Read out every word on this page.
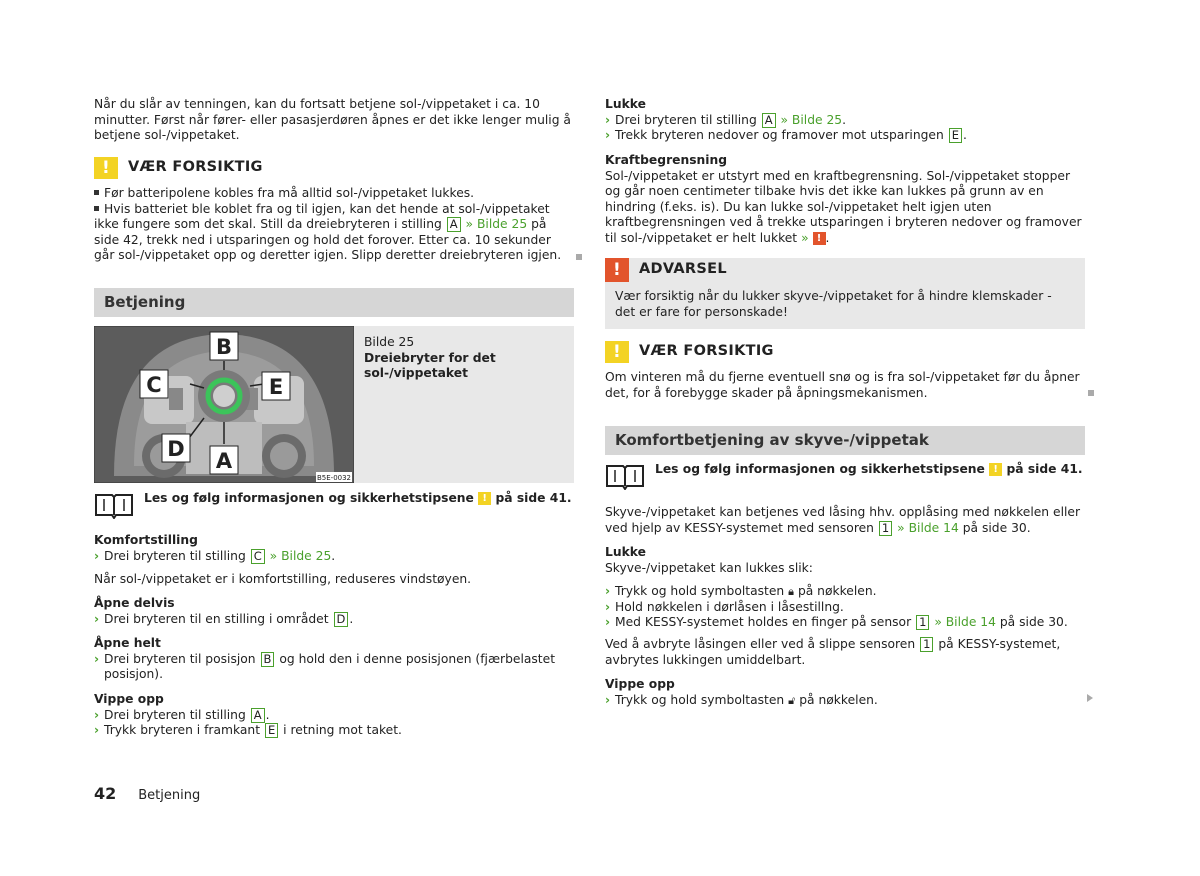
Når du slår av tenningen, kan du fortsatt betjene sol-/vippetaket i ca. 10 minutter. Først når fører- eller pasasjerdøren åpnes er det ikke lenger mulig å betjene sol-/vippetaket.

!	VÆR FORSIKTIG
Før batteripolene kobles fra må alltid sol-/vippetaket lukkes.
Hvis batteriet ble koblet fra og til igjen, kan det hende at sol-/vippetaket ikke fungere som det skal. Still da dreiebryteren i stilling A » Bilde 25 på side 42, trekk ned i utsparingen og hold det forover. Etter ca. 10 sekunder går sol-/vippetaket opp og deretter igjen. Slipp deretter dreiebryteren igjen.
Betjening
B
C	E
D A
B5E-0032
Bilde 25
Dreiebryter for det sol-/vippetaket
Les og følg informasjonen og sikkerhetstipsene ! på side 41.
Komfortstilling
› Drei bryteren til stilling C » Bilde 25.
Når sol-/vippetaket er i komfortstilling, reduseres vindstøyen.
Åpne delvis
› Drei bryteren til en stilling i området D .
Åpne helt
› Drei bryteren til posisjon B og hold den i denne posisjonen (fjærbelastet posisjon).
Vippe opp
› Drei bryteren til stilling A .
› Trykk bryteren i framkant E i retning mot taket.
Lukke
› Drei bryteren til stilling A » Bilde 25.
› Trekk bryteren nedover og framover mot utsparingen E .
Kraftbegrensning
Sol-/vippetaket er utstyrt med en kraftbegrensning. Sol-/vippetaket stopper og går noen centimeter tilbake hvis det ikke kan lukkes på grunn av en hindring (f.eks. is). Du kan lukke sol-/vippetaket helt igjen uten kraftbegrensningen ved å trekke utsparingen i bryteren nedover og framover til sol-/vippetaket er helt lukket » ! .
!	ADVARSEL
Vær forsiktig når du lukker skyve-/vippetaket for å hindre klemskader - det er fare for personskade!
!	VÆR FORSIKTIG
Om vinteren må du fjerne eventuell snø og is fra sol-/vippetaket før du åpner det, for å forebygge skader på åpningsmekanismen.
Komfortbetjening av skyve-/vippetak
Les og følg informasjonen og sikkerhetstipsene ! på side 41.
Skyve-/vippetaket kan betjenes ved låsing hhv. opplåsing med nøkkelen eller ved hjelp av KESSY-systemet med sensoren 1 » Bilde 14 på side 30.
Lukke
Skyve-/vippetaket kan lukkes slik:
› Trykk og hold symboltasten 🔒︎ på nøkkelen.
› Hold nøkkelen i dørlåsen i låsestillng.
› Med KESSY-systemet holdes en finger på sensor 1 » Bilde 14 på side 30.
Ved å avbryte låsingen eller ved å slippe sensoren 1 på KESSY-systemet, avbrytes lukkingen umiddelbart.
Vippe opp
› Trykk og hold symboltasten 🔓︎ på nøkkelen.
42 Betjening
